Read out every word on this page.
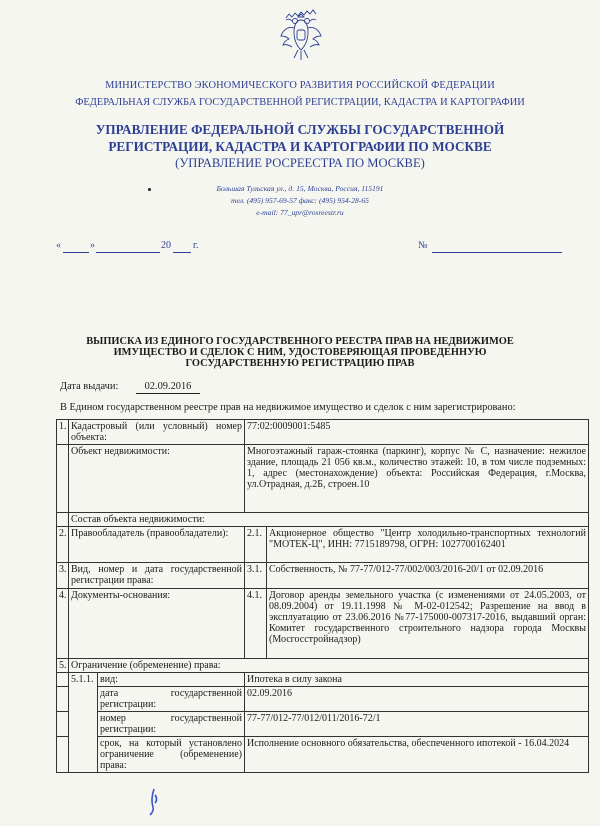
МИНИСТЕРСТВО ЭКОНОМИЧЕСКОГО РАЗВИТИЯ РОССИЙСКОЙ ФЕДЕРАЦИИ
ФЕДЕРАЛЬНАЯ СЛУЖБА ГОСУДАРСТВЕННОЙ РЕГИСТРАЦИИ, КАДАСТРА И КАРТОГРАФИИ
УПРАВЛЕНИЕ ФЕДЕРАЛЬНОЙ СЛУЖБЫ ГОСУДАРСТВЕННОЙ
РЕГИСТРАЦИИ, КАДАСТРА И КАРТОГРАФИИ ПО МОСКВЕ
(УПРАВЛЕНИЕ РОСРЕЕСТРА ПО МОСКВЕ)
Большая Тульская ул., д. 15, Москва, Россия, 115191
тел. (495) 957-69-57 факс: (495) 954-28-65
e-mail: 77_upr@rosreestr.ru
«	»	20 г.	№
ВЫПИСКА ИЗ ЕДИНОГО ГОСУДАРСТВЕННОГО РЕЕСТРА ПРАВ НА НЕДВИЖИМОЕ
ИМУЩЕСТВО И СДЕЛОК С НИМ, УДОСТОВЕРЯЮЩАЯ ПРОВЕДЕННУЮ
ГОСУДАРСТВЕННУЮ РЕГИСТРАЦИЮ ПРАВ
Дата выдачи:	02.09.2016
В Едином государственном реестре прав на недвижимое имущество и сделок с ним зарегистрировано:
1.	Кадастровый (или условный) номер объекта:		77:02:0009001:5485	
	Объект недвижимости:		Многоэтажный гараж-стоянка (паркинг), корпус № С, назначение: нежилое здание, площадь 21 056 кв.м., количество этажей: 10, в том числе подземных: 1, адрес (местонахождение) объекта: Российская Федерация, г.Москва, ул.Отрадная, д.2Б, строен.10	
	Состав объекта недвижимости:			
2.	Правообладатель (правообладатели):		2.1.	Акционерное общество "Центр холодильно-транспортных технологий "МОТЕК-Ц", ИНН: 7715189798, ОГРН: 1027700162401
3.	Вид, номер и дата государственной регистрации права:		3.1.	Собственность, № 77-77/012-77/002/003/2016-20/1 от 02.09.2016
4.	Документы-основания:		4.1.	Договор аренды земельного участка (с изменениями от 24.05.2003, от 08.09.2004) от 19.11.1998 № М-02-012542; Разрешение на ввод в эксплуатацию от 23.06.2016 №77-175000-007317-2016, выдавший орган: Комитет государственного строительного надзора города Москвы (Мосгосстройнадзор)
5.	Ограничение (обременение) права:			
	5.1.1.	вид:	Ипотека в силу закона	
		дата государственной регистрации:	02.09.2016	
		номер государственной регистрации:	77-77/012-77/012/011/2016-72/1	
		срок, на который установлено ограничение (обременение) права:	Исполнение основного обязательства, обеспеченного ипотекой - 16.04.2024	
